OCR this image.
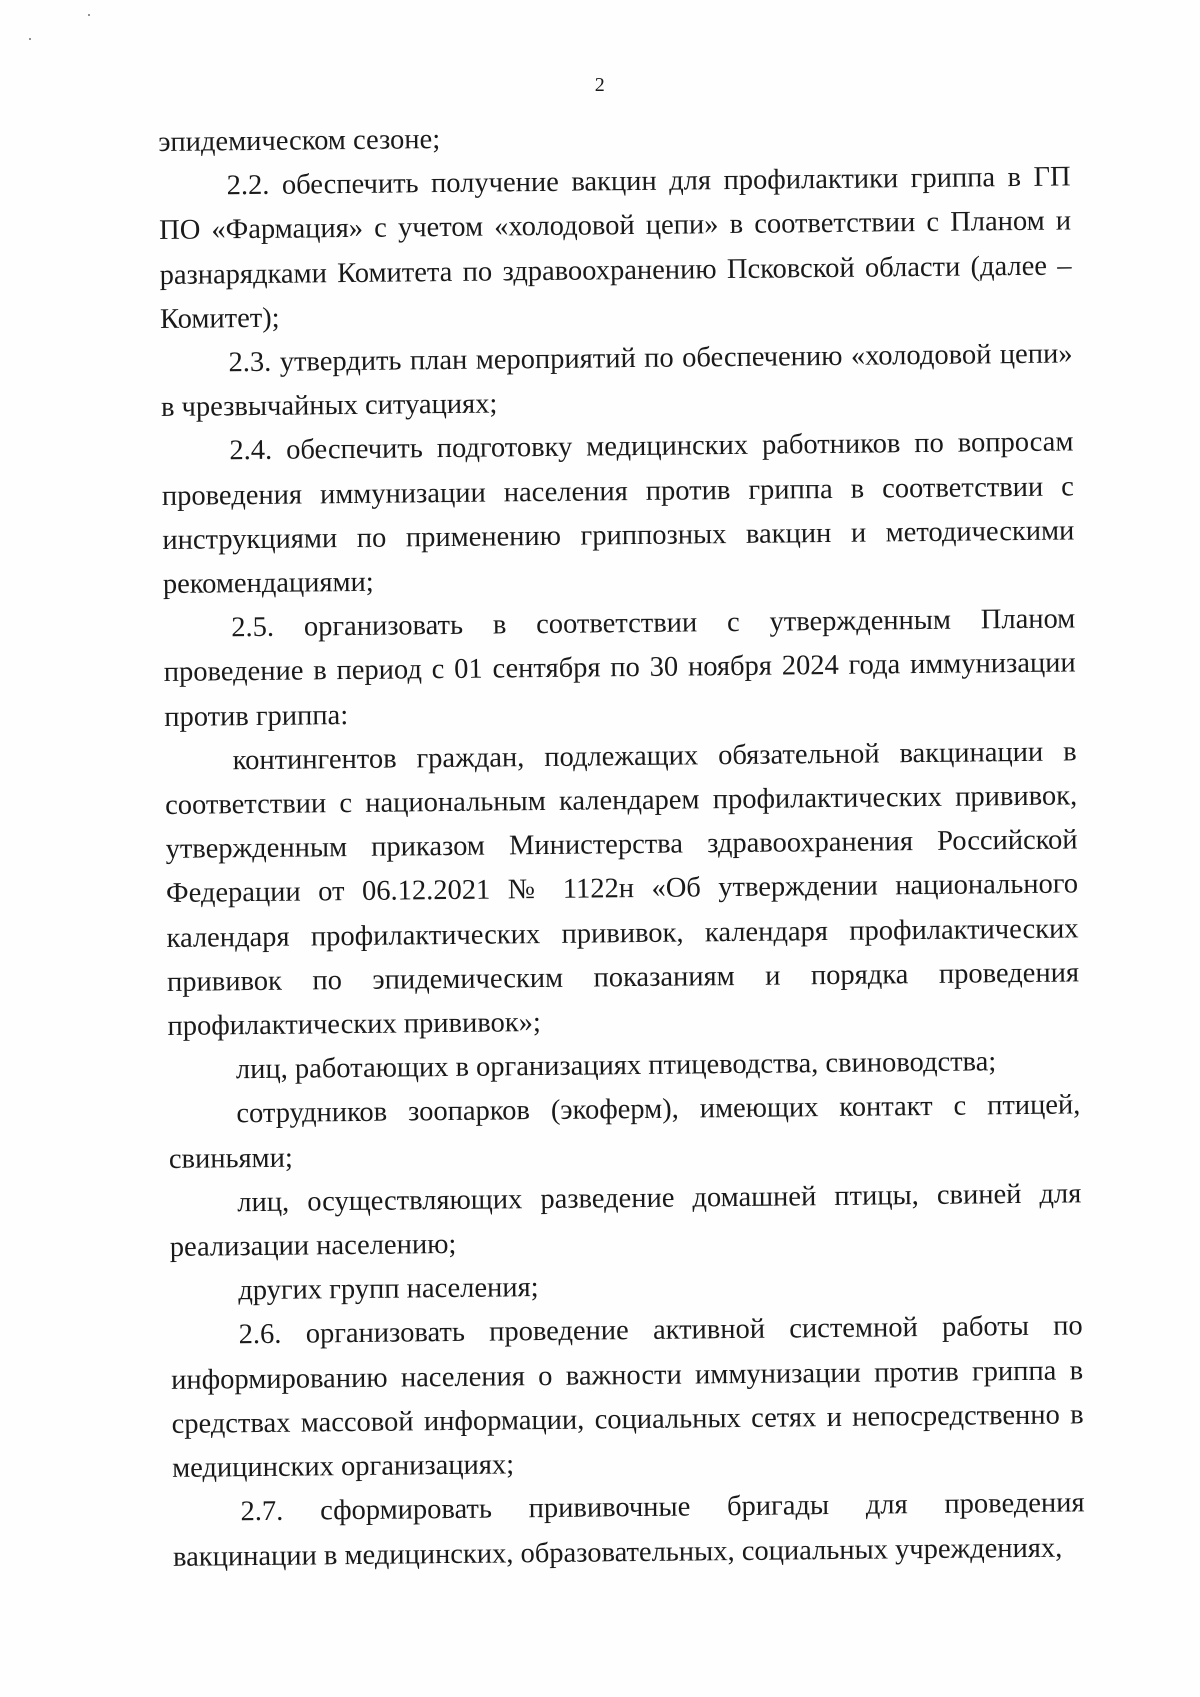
2

эпидемическом сезоне;

2.2. обеспечить получение вакцин для профилактики гриппа в ГП ПО «Фармация» с учетом «холодовой цепи» в соответствии с Планом и разнарядками Комитета по здравоохранению Псковской области (далее – Комитет);

2.3. утвердить план мероприятий по обеспечению «холодовой цепи» в чрезвычайных ситуациях;

2.4. обеспечить подготовку медицинских работников по вопросам проведения иммунизации населения против гриппа в соответствии с инструкциями по применению гриппозных вакцин и методическими рекомендациями;

2.5. организовать в соответствии с утвержденным Планом проведение в период с 01 сентября по 30 ноября 2024 года иммунизации против гриппа:

контингентов граждан, подлежащих обязательной вакцинации в соответствии с национальным календарем профилактических прививок, утвержденным приказом Министерства здравоохранения Российской Федерации от 06.12.2021 № 1122н «Об утверждении национального календаря профилактических прививок, календаря профилактических прививок по эпидемическим показаниям и порядка проведения профилактических прививок»;

лиц, работающих в организациях птицеводства, свиноводства;

сотрудников зоопарков (экоферм), имеющих контакт с птицей, свиньями;

лиц, осуществляющих разведение домашней птицы, свиней для реализации населению;

других групп населения;

2.6. организовать проведение активной системной работы по информированию населения о важности иммунизации против гриппа в средствах массовой информации, социальных сетях и непосредственно в медицинских организациях;

2.7. сформировать прививочные бригады для проведения вакцинации в медицинских, образовательных, социальных учреждениях,
